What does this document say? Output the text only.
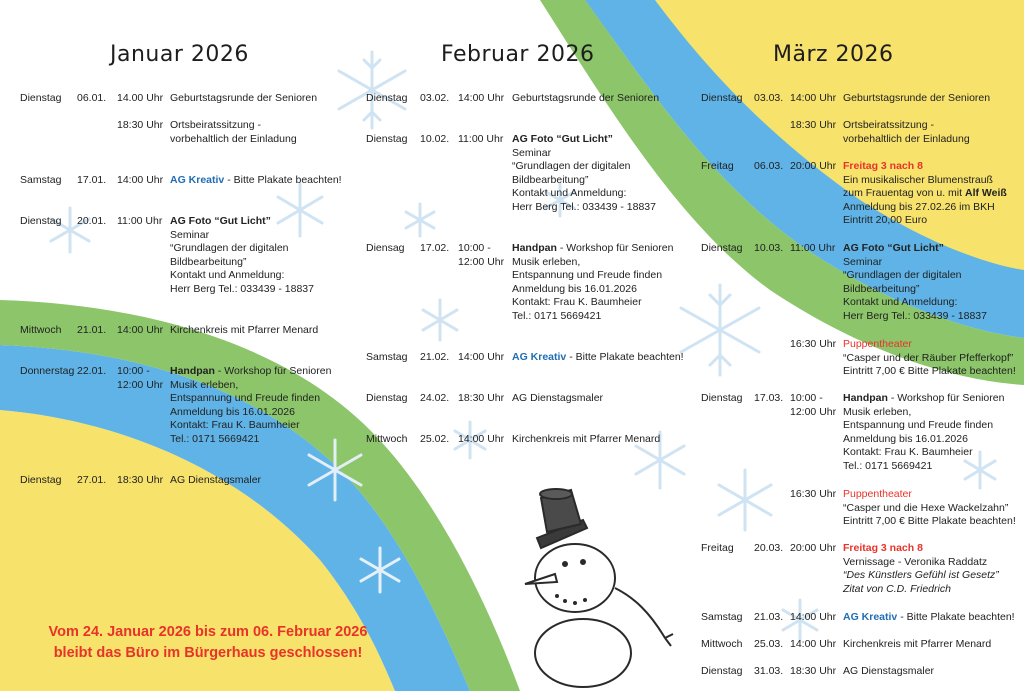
Januar 2026	Februar 2026	März 2026
Dienstag 06.01. 14.00 Uhr Geburtstagsrunde der Senioren
18:30 Uhr Ortsbeiratssitzung -
vorbehaltlich der Einladung
Samstag 17.01. 14:00 Uhr AG Kreativ - Bitte Plakate beachten!
Dienstag 20.01. 11:00 Uhr AG Foto “Gut Licht”
Seminar
“Grundlagen der digitalen
Bildbearbeitung”
Kontakt und Anmeldung:
Herr Berg Tel.: 033439 - 18837
Mittwoch 21.01. 14:00 Uhr Kirchenkreis mit Pfarrer Menard
Donnerstag 22.01. 10:00 -
12:00 Uhr
Handpan - Workshop für Senioren
Musik erleben,
Entspannung und Freude finden
Anmeldung bis 16.01.2026
Kontakt: Frau K. Baumheier
Tel.: 0171 5669421
Dienstag 27.01. 18:30 Uhr AG Dienstagsmaler
Dienstag 03.02. 14:00 Uhr Geburtstagsrunde der Senioren
Dienstag 10.02. 11:00 Uhr AG Foto “Gut Licht”
Seminar
“Grundlagen der digitalen
Bildbearbeitung”
Kontakt und Anmeldung:
Herr Berg Tel.: 033439 - 18837
Diensag 17.02. 10:00 -
12:00 Uhr
Handpan - Workshop für Senioren
Musik erleben,
Entspannung und Freude finden
Anmeldung bis 16.01.2026
Kontakt: Frau K. Baumheier
Tel.: 0171 5669421
Samstag 21.02. 14:00 Uhr AG Kreativ - Bitte Plakate beachten!
Dienstag 24.02. 18:30 Uhr AG Dienstagsmaler
Mittwoch 25.02. 14:00 Uhr Kirchenkreis mit Pfarrer Menard
Dienstag 03.03. 14:00 Uhr Geburtstagsrunde der Senioren
18:30 Uhr Ortsbeiratssitzung -
vorbehaltlich der Einladung
Freitag 06.03. 20:00 Uhr Freitag 3 nach 8
Ein musikalischer Blumenstrauß
zum Frauentag von u. mit Alf Weiß
Anmeldung bis 27.02.26 im BKH
Eintritt 20,00 Euro
Dienstag 10.03. 11:00 Uhr AG Foto “Gut Licht”
Seminar
“Grundlagen der digitalen
Bildbearbeitung”
Kontakt und Anmeldung:
Herr Berg Tel.: 033439 - 18837
16:30 Uhr Puppentheater
“Casper und der Räuber Pfefferkopf”
Eintritt 7,00 € Bitte Plakate beachten!
Dienstag 17.03. 10:00 -
12:00 Uhr
Handpan - Workshop für Senioren
Musik erleben,
Entspannung und Freude finden
Anmeldung bis 16.01.2026
Kontakt: Frau K. Baumheier
Tel.: 0171 5669421
16:30 Uhr Puppentheater
“Casper und die Hexe Wackelzahn”
Eintritt 7,00 € Bitte Plakate beachten!
Freitag 20.03. 20:00 Uhr Freitag 3 nach 8
Vernissage - Veronika Raddatz
“Des Künstlers Gefühl ist Gesetz”
Zitat von C.D. Friedrich
Samstag 21.03. 14:00 Uhr AG Kreativ - Bitte Plakate beachten!
Mittwoch 25.03. 14:00 Uhr Kirchenkreis mit Pfarrer Menard
Dienstag 31.03. 18:30 Uhr AG Dienstagsmaler
Vom 24. Januar 2026 bis zum 06. Februar 2026
bleibt das Büro im Bürgerhaus geschlossen!
